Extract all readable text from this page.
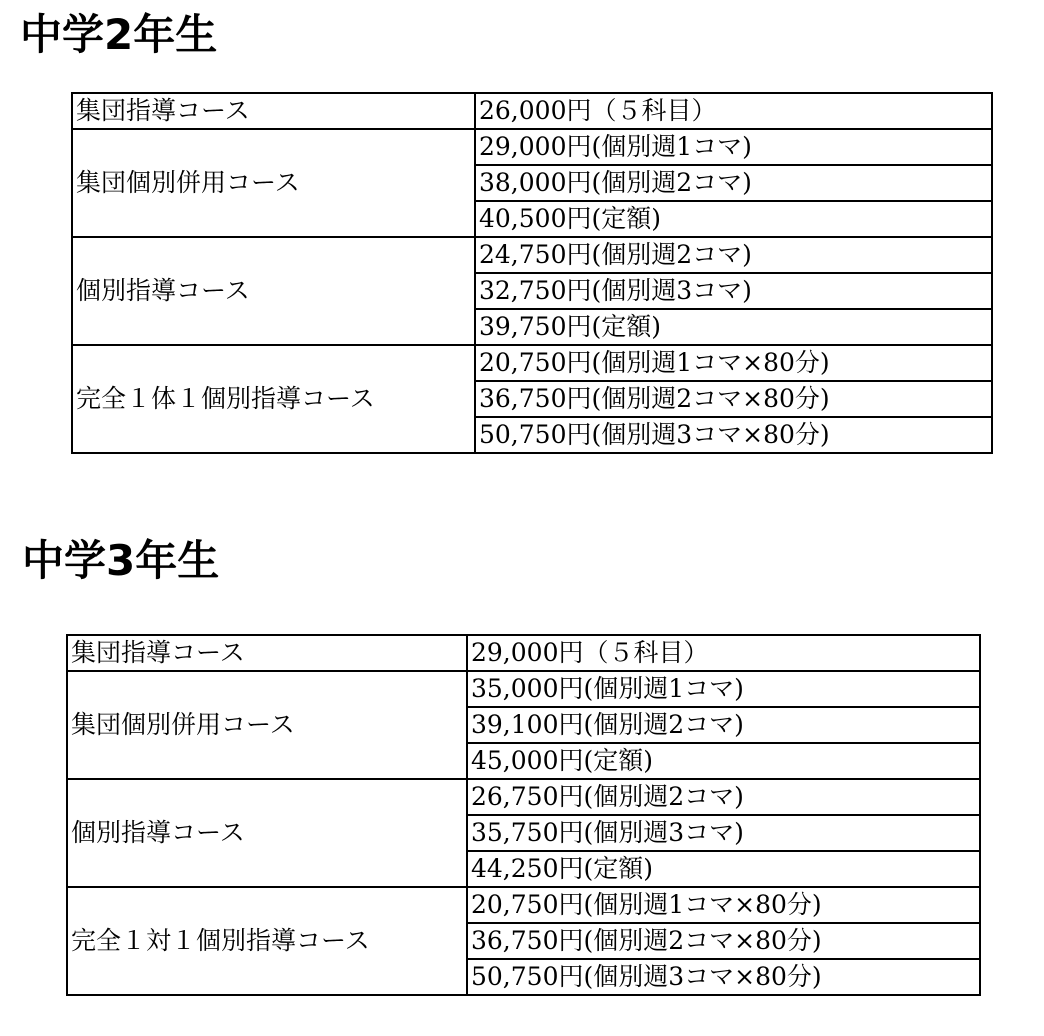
中学2年生
集団指導コース	26,000円（５科目）
集団個別併用コース	29,000円(個別週1コマ)
	38,000円(個別週2コマ)
	40,500円(定額)
個別指導コース	24,750円(個別週2コマ)
	32,750円(個別週3コマ)
	39,750円(定額)
完全１体１個別指導コース	20,750円(個別週1コマ×80分)
	36,750円(個別週2コマ×80分)
	50,750円(個別週3コマ×80分)
中学3年生
集団指導コース	29,000円（５科目）
集団個別併用コース	35,000円(個別週1コマ)
	39,100円(個別週2コマ)
	45,000円(定額)
個別指導コース	26,750円(個別週2コマ)
	35,750円(個別週3コマ)
	44,250円(定額)
完全１対１個別指導コース	20,750円(個別週1コマ×80分)
	36,750円(個別週2コマ×80分)
	50,750円(個別週3コマ×80分)
